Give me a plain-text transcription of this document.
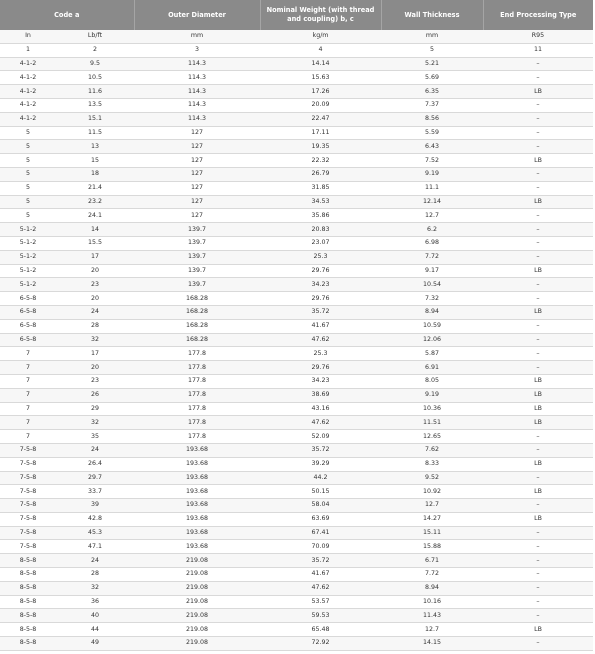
Code a		Outer Diameter	Nominal Weight (with thread and coupling) b, c	Wall Thickness	End Processing Type
In	Lb/ft	mm	kg/m	mm	R95
1	2	3	4	5	11
4-1-2	9.5	114.3	14.14	5.21	–
4-1-2	10.5	114.3	15.63	5.69	–
4-1-2	11.6	114.3	17.26	6.35	LB
4-1-2	13.5	114.3	20.09	7.37	–
4-1-2	15.1	114.3	22.47	8.56	–
5	11.5	127	17.11	5.59	–
5	13	127	19.35	6.43	–
5	15	127	22.32	7.52	LB
5	18	127	26.79	9.19	–
5	21.4	127	31.85	11.1	–
5	23.2	127	34.53	12.14	LB
5	24.1	127	35.86	12.7	–
5-1-2	14	139.7	20.83	6.2	–
5-1-2	15.5	139.7	23.07	6.98	–
5-1-2	17	139.7	25.3	7.72	–
5-1-2	20	139.7	29.76	9.17	LB
5-1-2	23	139.7	34.23	10.54	–
6-5-8	20	168.28	29.76	7.32	–
6-5-8	24	168.28	35.72	8.94	LB
6-5-8	28	168.28	41.67	10.59	–
6-5-8	32	168.28	47.62	12.06	–
7	17	177.8	25.3	5.87	–
7	20	177.8	29.76	6.91	–
7	23	177.8	34.23	8.05	LB
7	26	177.8	38.69	9.19	LB
7	29	177.8	43.16	10.36	LB
7	32	177.8	47.62	11.51	LB
7	35	177.8	52.09	12.65	–
7-5-8	24	193.68	35.72	7.62	–
7-5-8	26.4	193.68	39.29	8.33	LB
7-5-8	29.7	193.68	44.2	9.52	–
7-5-8	33.7	193.68	50.15	10.92	LB
7-5-8	39	193.68	58.04	12.7	–
7-5-8	42.8	193.68	63.69	14.27	LB
7-5-8	45.3	193.68	67.41	15.11	–
7-5-8	47.1	193.68	70.09	15.88	–
8-5-8	24	219.08	35.72	6.71	–
8-5-8	28	219.08	41.67	7.72	–
8-5-8	32	219.08	47.62	8.94	–
8-5-8	36	219.08	53.57	10.16	–
8-5-8	40	219.08	59.53	11.43	–
8-5-8	44	219.08	65.48	12.7	LB
8-5-8	49	219.08	72.92	14.15	–
